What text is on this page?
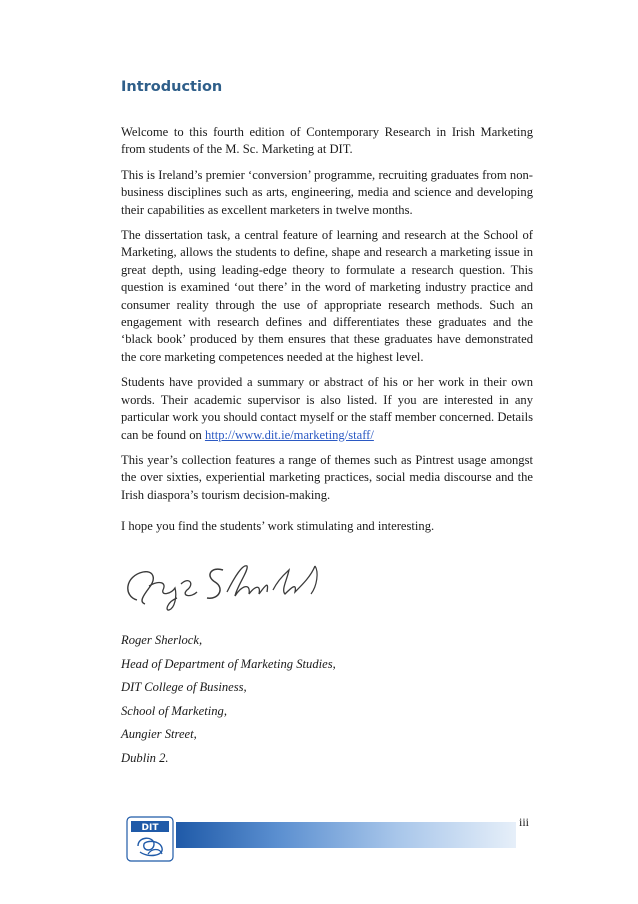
Introduction

Welcome to this fourth edition of Contemporary Research in Irish Marketing from students of the M. Sc. Marketing at DIT.

This is Ireland’s premier ‘conversion’ programme, recruiting graduates from non-business disciplines such as arts, engineering, media and science and developing their capabilities as excellent marketers in twelve months.

The dissertation task, a central feature of learning and research at the School of Marketing, allows the students to define, shape and research a marketing issue in great depth, using leading-edge theory to formulate a research question. This question is examined ‘out there’ in the word of marketing industry practice and consumer reality through the use of appropriate research methods. Such an engagement with research defines and differentiates these graduates and the ‘black book’ produced by them ensures that these graduates have demonstrated the core marketing competences needed at the highest level.

Students have provided a summary or abstract of his or her work in their own words. Their academic supervisor is also listed. If you are interested in any particular work you should contact myself or the staff member concerned. Details can be found on http://www.dit.ie/marketing/staff/

This year’s collection features a range of themes such as Pintrest usage amongst the over sixties, experiential marketing practices, social media discourse and the Irish diaspora’s tourism decision-making.

I hope you find the students’ work stimulating and interesting.

Roger Sherlock,

Head of Department of Marketing Studies,

DIT College of Business,

School of Marketing,

Aungier Street,

Dublin 2.

DIT	iii
